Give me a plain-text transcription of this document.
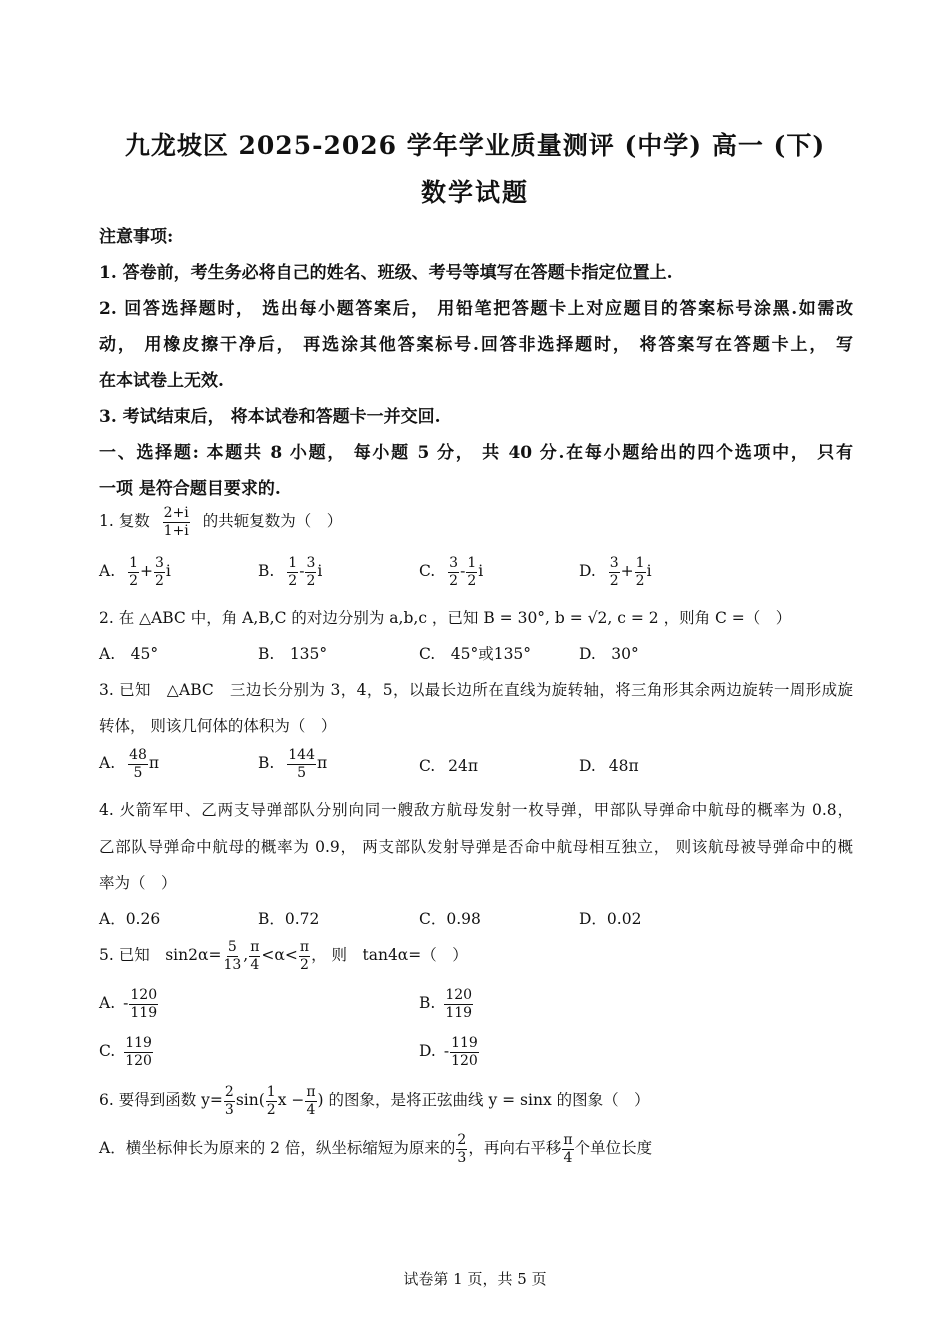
九龙坡区 2025-2026 学年学业质量测评 (中学) 高一 (下)
数学试题
注意事项:
1. 答卷前，考生务必将自己的姓名、班级、考号等填写在答题卡指定位置上.
2. 回答选择题时， 选出每小题答案后， 用铅笔把答题卡上对应题目的答案标号涂黑.如需改
动， 用橡皮擦干净后， 再选涂其他答案标号.回答非选择题时， 将答案写在答题卡上， 写
在本试卷上无效.
3. 考试结束后， 将本试卷和答题卡一并交回.
一、选择题: 本题共 8 小题， 每小题 5 分， 共 40 分.在每小题给出的四个选项中， 只有
一项 是符合题目要求的.
1. 复数 $\frac{2+i}{1+i}$ 的共轭复数为（　）
A. $\frac{1}{2} + \frac{3}{2}$ i	B. $\frac{1}{2} - \frac{3}{2}$ i	C. $\frac{3}{2} - \frac{1}{2}$ i	D. $\frac{3}{2} + \frac{1}{2}$ i
2. 在 △ABC 中，角 A,B,C 的对边分别为 a,b,c ，已知 B = 30°, b = √2, c = 2 ，则角 C =（　）
A.　45°	B.　135°	C.　45°或135°	D.　30°
3. 已知　△ABC　三边长分别为 3，4，5，以最长边所在直线为旋转轴，将三角形其余两边旋转一周形成旋
转体， 则该几何体的体积为（　）
A. $\frac{48}{5}$ π	B. $\frac{144}{5}$ π	C. 24π	D. 48π
4. 火箭军甲、乙两支导弹部队分别向同一艘敌方航母发射一枚导弹，甲部队导弹命中航母的概率为 0.8，
乙部队导弹命中航母的概率为 0.9， 两支部队发射导弹是否命中航母相互独立， 则该航母被导弹命中的概
率为（　）
A．0.26	B．0.72	C．0.98	D．0.02
5. 已知　$\sin 2\alpha= \frac{5}{13}$ , $\frac{\pi}{4} <\alpha< \frac{\pi}{2}$ ， 则　tan4α=（　）
A. - $\frac{120}{119}$	B. $\frac{120}{119}$
C. $\frac{119}{120}$	D. - $\frac{119}{120}$
6. 要得到函数 $y= \frac{2}{3} \sin( \frac{1}{2}$ $x - \frac{\pi}{4}$ ) 的图象，是将正弦曲线 y = sinx 的图象（　）
A．横坐标伸长为原来的 2 倍，纵坐标缩短为原来的 $\frac{2}{3}$ ，再向右平移 $\frac{\pi}{4}$ 个单位长度
试卷第 1 页，共 5 页
